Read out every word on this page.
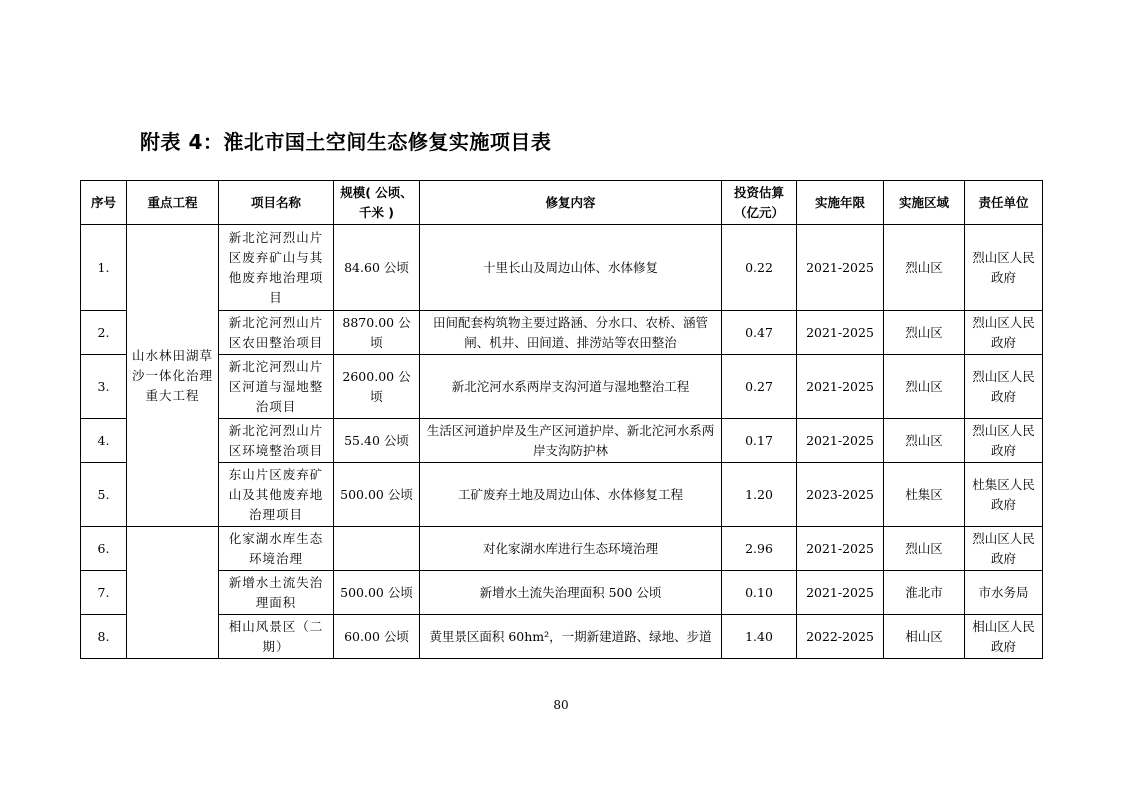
附表 4：淮北市国土空间生态修复实施项目表
序号	重点工程	项目名称	规模( 公顷、千米 )	修复内容	投资估算（亿元）	实施年限	实施区域	责任单位
1.	山水林田湖草沙一体化治理重大工程	新北沱河烈山片区废弃矿山与其他废弃地治理项目	84.60 公顷	十里长山及周边山体、水体修复	0.22	2021-2025	烈山区	烈山区人民政府
2.		新北沱河烈山片区农田整治项目	8870.00 公顷	田间配套构筑物主要过路涵、分水口、农桥、涵管闸、机井、田间道、排涝站等农田整治	0.47	2021-2025	烈山区	烈山区人民政府
3.		新北沱河烈山片区河道与湿地整治项目	2600.00 公顷	新北沱河水系两岸支沟河道与湿地整治工程	0.27	2021-2025	烈山区	烈山区人民政府
4.		新北沱河烈山片区环境整治项目	55.40 公顷	生活区河道护岸及生产区河道护岸、新北沱河水系两岸支沟防护林	0.17	2021-2025	烈山区	烈山区人民政府
5.		东山片区废弃矿山及其他废弃地治理项目	500.00 公顷	工矿废弃土地及周边山体、水体修复工程	1.20	2023-2025	杜集区	杜集区人民政府
6.		化家湖水库生态环境治理		对化家湖水库进行生态环境治理	2.96	2021-2025	烈山区	烈山区人民政府
7.		新增水土流失治理面积	500.00 公顷	新增水土流失治理面积 500 公顷	0.10	2021-2025	淮北市	市水务局
8.		相山风景区（二期）	60.00 公顷	黄里景区面积 60hm²，一期新建道路、绿地、步道	1.40	2022-2025	相山区	相山区人民政府
80
